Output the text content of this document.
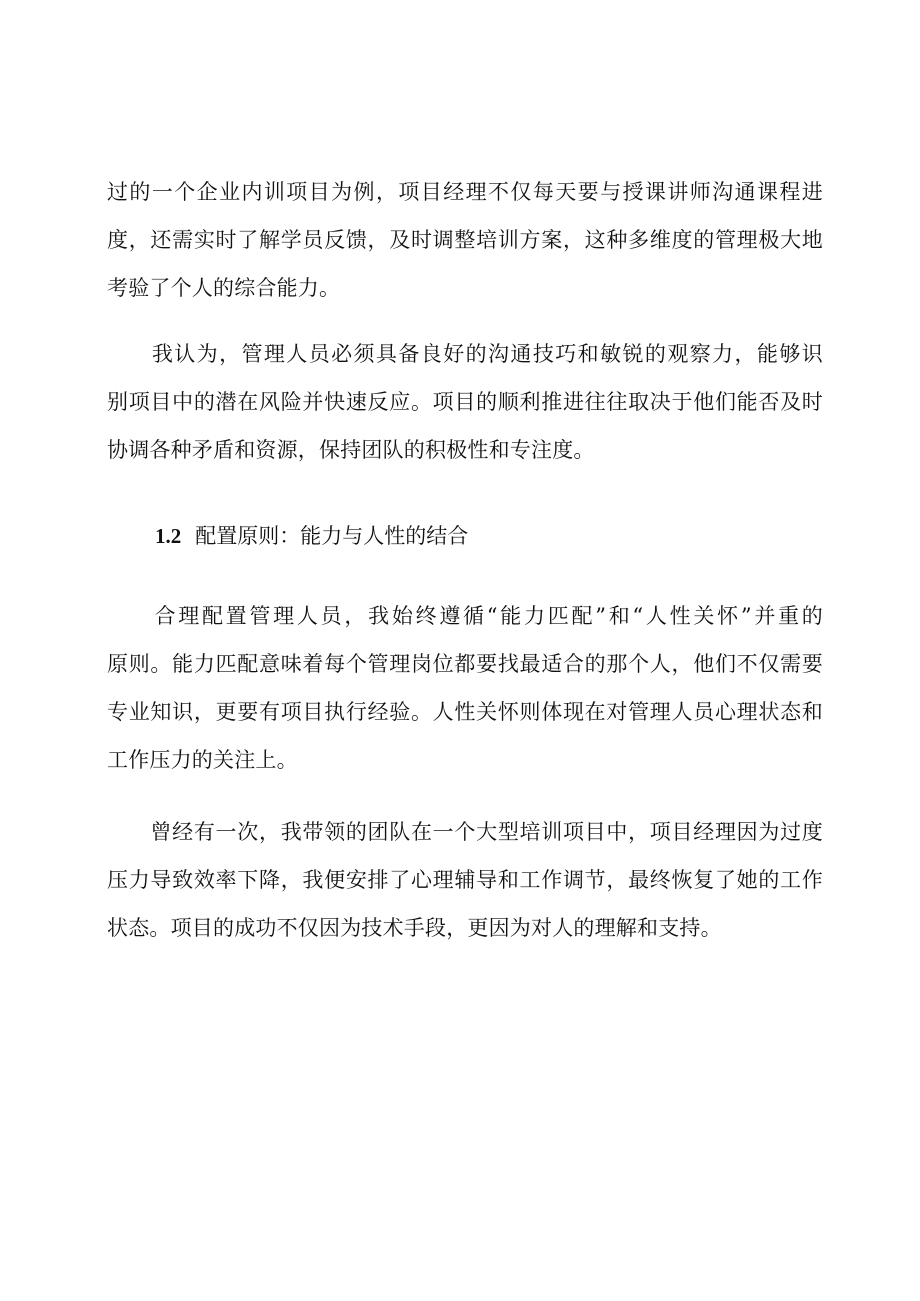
过的一个企业内训项目为例，项目经理不仅每天要与授课讲师沟通课程进
度，还需实时了解学员反馈，及时调整培训方案，这种多维度的管理极大地
考验了个人的综合能力。

　　我认为，管理人员必须具备良好的沟通技巧和敏锐的观察力，能够识
别项目中的潜在风险并快速反应。项目的顺利推进往往取决于他们能否及时
协调各种矛盾和资源，保持团队的积极性和专注度。

1.2 配置原则：能力与人性的结合

　　合理配置管理人员，我始终遵循“能力匹配”和“人性关怀”并重的
原则。能力匹配意味着每个管理岗位都要找最适合的那个人，他们不仅需要
专业知识，更要有项目执行经验。人性关怀则体现在对管理人员心理状态和
工作压力的关注上。

　　曾经有一次，我带领的团队在一个大型培训项目中，项目经理因为过度
压力导致效率下降，我便安排了心理辅导和工作调节，最终恢复了她的工作
状态。项目的成功不仅因为技术手段，更因为对人的理解和支持。
